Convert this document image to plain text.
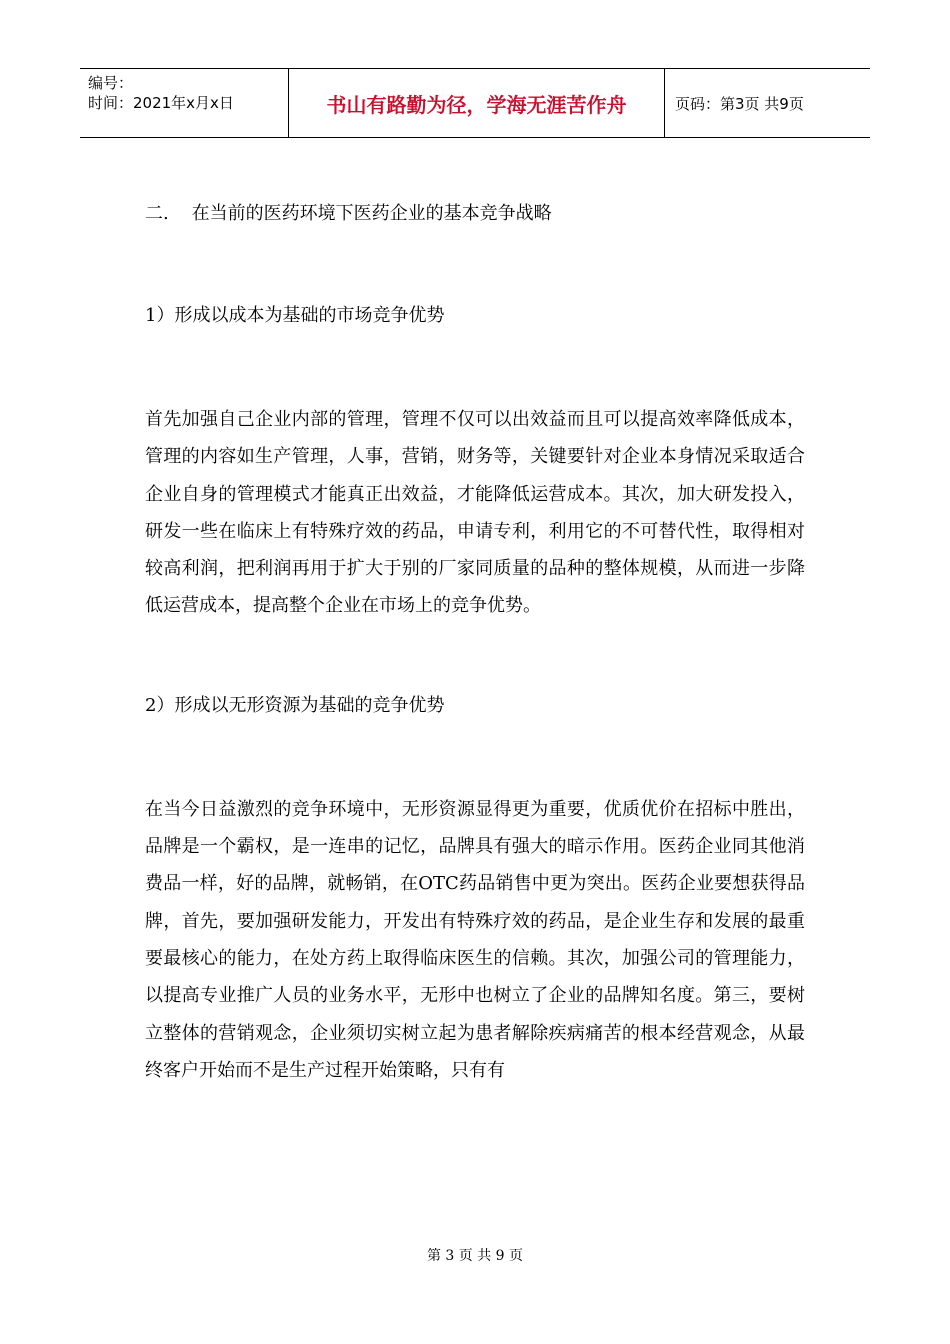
编号：
时间：2021年x月x日	书山有路勤为径，学海无涯苦作舟	页码：第3页 共9页

二.    在当前的医药环境下医药企业的基本竞争战略

1）形成以成本为基础的市场竞争优势

首先加强自己企业内部的管理，管理不仅可以出效益而且可以提高效率降低成本，管理的内容如生产管理，人事，营销，财务等，关键要针对企业本身情况采取适合企业自身的管理模式才能真正出效益，才能降低运营成本。其次，加大研发投入，研发一些在临床上有特殊疗效的药品，申请专利，利用它的不可替代性，取得相对较高利润，把利润再用于扩大于别的厂家同质量的品种的整体规模，从而进一步降低运营成本，提高整个企业在市场上的竞争优势。

2）形成以无形资源为基础的竞争优势

在当今日益激烈的竞争环境中，无形资源显得更为重要，优质优价在招标中胜出，品牌是一个霸权，是一连串的记忆，品牌具有强大的暗示作用。医药企业同其他消费品一样，好的品牌，就畅销，在OTC药品销售中更为突出。医药企业要想获得品牌，首先，要加强研发能力，开发出有特殊疗效的药品，是企业生存和发展的最重要最核心的能力，在处方药上取得临床医生的信赖。其次，加强公司的管理能力，以提高专业推广人员的业务水平，无形中也树立了企业的品牌知名度。第三，要树立整体的营销观念，企业须切实树立起为患者解除疾病痛苦的根本经营观念，从最终客户开始而不是生产过程开始策略，只有有

第 3 页 共 9 页
